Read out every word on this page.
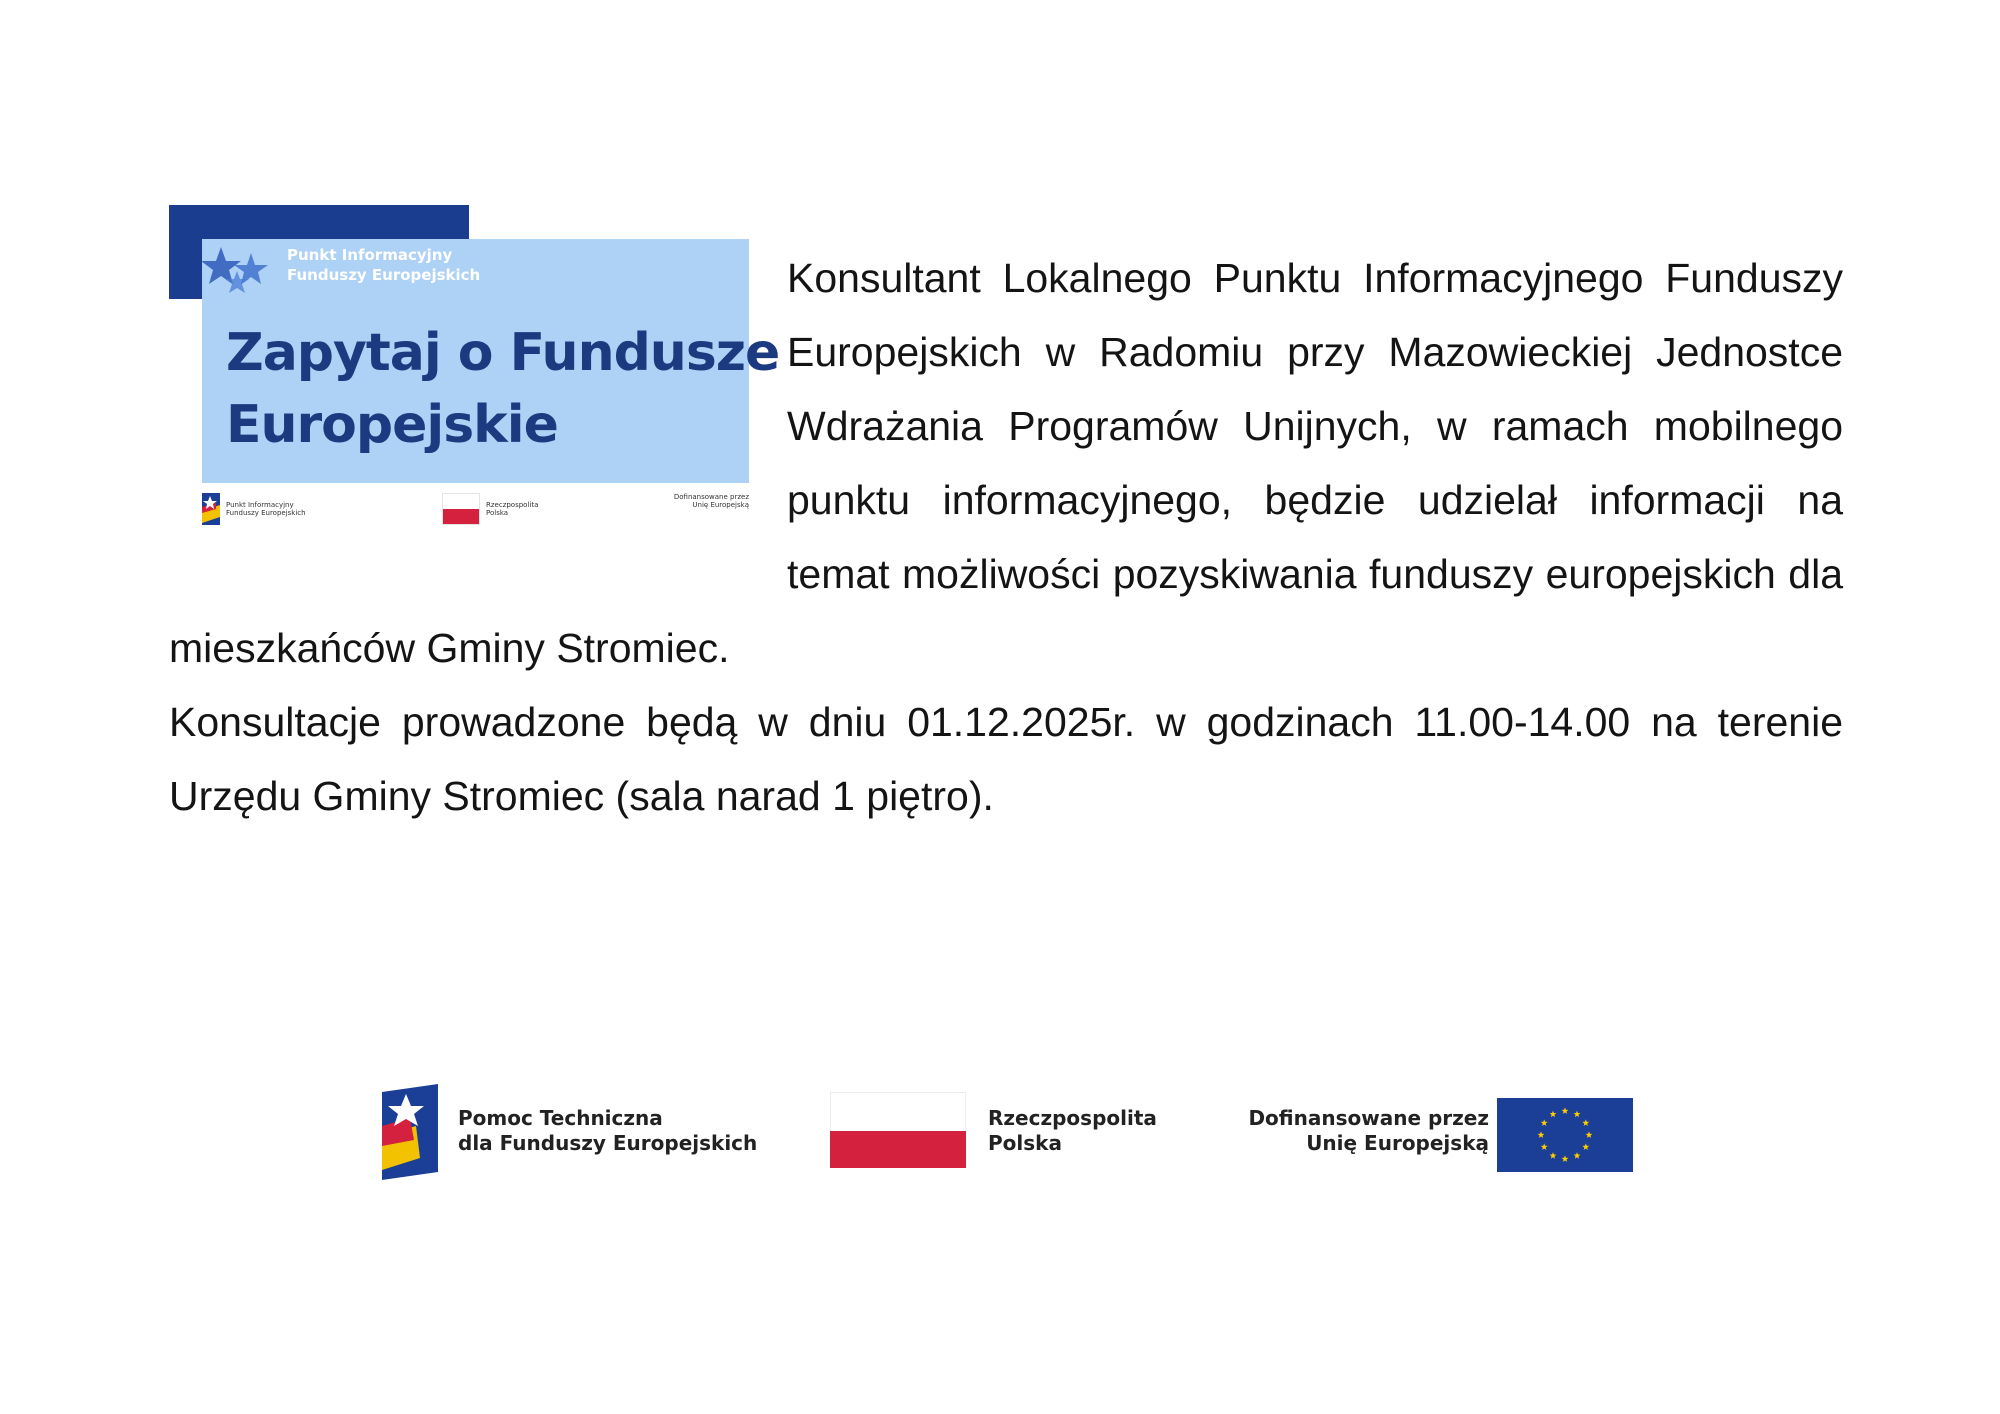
Punkt Informacyjny
Funduszy Europejskich
Zapytaj o Fundusze
Europejskie
Punkt Informacyjny
Funduszy Europejskich
Rzeczpospolita
Polska
Dofinansowane przez
Unię Europejską

Konsultant Lokalnego Punktu Informacyjnego Funduszy Europejskich w Radomiu przy Mazowieckiej Jednostce Wdrażania Programów Unijnych, w ramach mobilnego punktu informacyjnego, będzie udzielał informacji na temat możliwości pozyskiwania funduszy europejskich dla mieszkańców Gminy Stromiec.

Konsultacje prowadzone będą w dniu 01.12.2025r. w godzinach 11.00-14.00 na terenie Urzędu Gminy Stromiec (sala narad 1 piętro).

Pomoc Techniczna
dla Funduszy Europejskich
Rzeczpospolita
Polska
Dofinansowane przez
Unię Europejską
